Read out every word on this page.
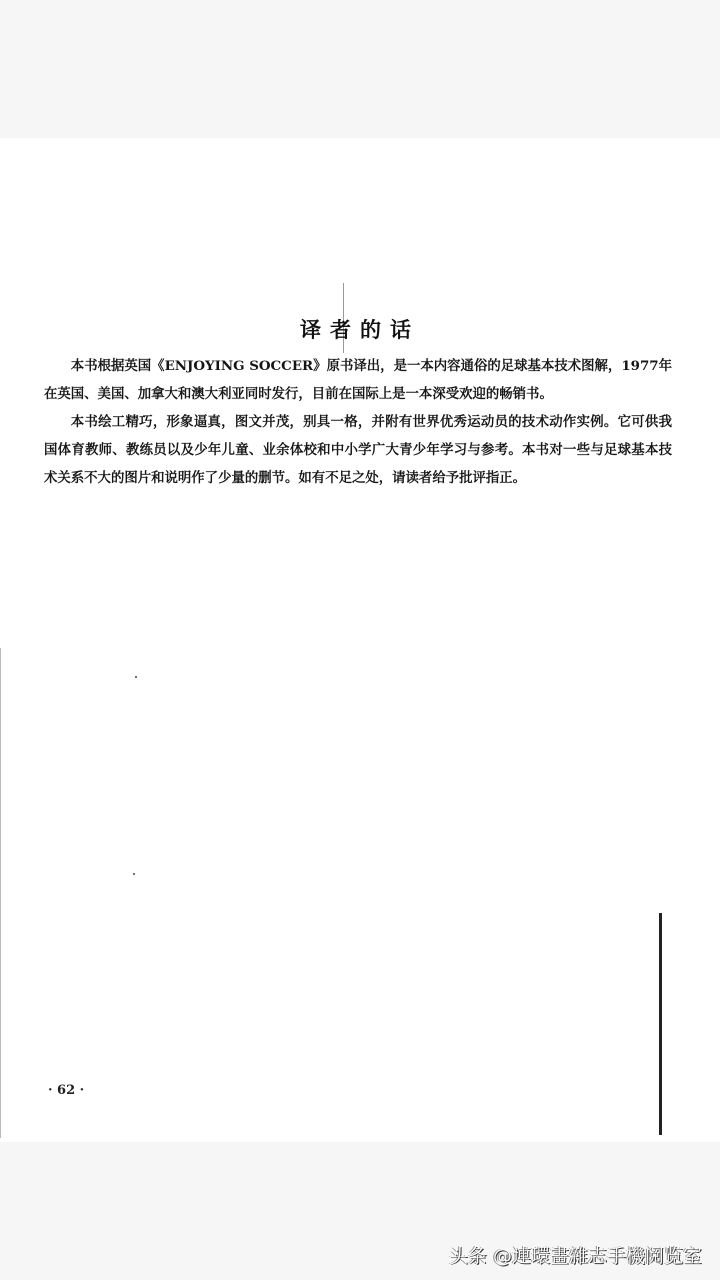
译者的话

本书根据英国《ENJOYING SOCCER》原书译出，是一本内容通俗的足球基本技术图解，1977年在英国、美国、加拿大和澳大利亚同时发行，目前在国际上是一本深受欢迎的畅销书。

本书绘工精巧，形象逼真，图文并茂，别具一格，并附有世界优秀运动员的技术动作实例。它可供我国体育教师、教练员以及少年儿童、业余体校和中小学广大青少年学习与参考。本书对一些与足球基本技术关系不大的图片和说明作了少量的删节。如有不足之处，请读者给予批评指正。

· 62 ·
头条 @連環畫雜志手機阅览室
